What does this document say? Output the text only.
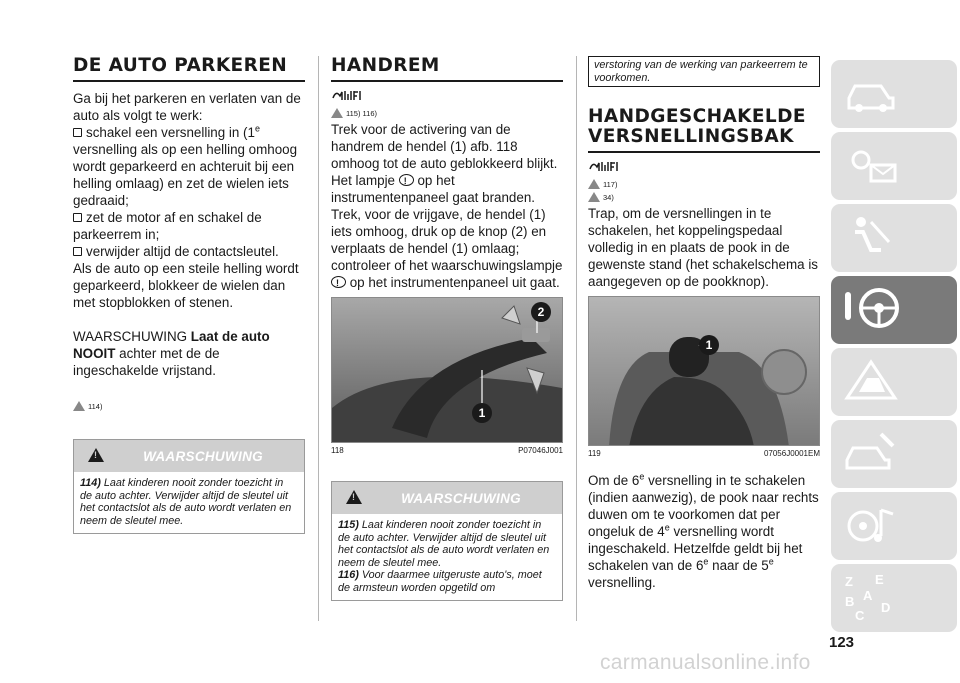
DE AUTO PARKEREN

Ga bij het parkeren en verlaten van de auto als volgt te werk:

schakel een versnelling in (1e versnelling als op een helling omhoog wordt geparkeerd en achteruit bij een helling omlaag) en zet de wielen iets gedraaid;

zet de motor af en schakel de parkeerrem in;

verwijder altijd de contactsleutel.

Als de auto op een steile helling wordt geparkeerd, blokkeer de wielen dan met stopblokken of stenen.

WAARSCHUWING Laat de auto NOOIT achter met de de ingeschakelde vrijstand.

114)
!
WAARSCHUWING
114) Laat kinderen nooit zonder toezicht in de auto achter. Verwijder altijd de sleutel uit het contactslot als de auto wordt verlaten en neem de sleutel mee.
HANDREM
115) 116)

Trek voor de activering van de handrem de hendel (1) afb. 118 omhoog tot de auto geblokkeerd blijkt. Het lampje ! op het instrumentenpaneel gaat branden.

Trek, voor de vrijgave, de hendel (1) iets omhoog, druk op de knop (2) en verplaats de hendel (1) omlaag; controleer of het waarschuwingslampje ! op het instrumentenpaneel uit gaat.

1
2
118	P07046J001
!
WAARSCHUWING
115) Laat kinderen nooit zonder toezicht in de auto achter. Verwijder altijd de sleutel uit het contactslot als de auto wordt verlaten en neem de sleutel mee.
116) Voor daarmee uitgeruste auto's, moet de armsteun worden opgetild om
verstoring van de werking van parkeerrem te voorkomen.
HANDGESCHAKELDE
VERSNELLINGSBAK
117)
34)

Trap, om de versnellingen in te schakelen, het koppelingspedaal volledig in en plaats de pook in de gewenste stand (het schakelschema is aangegeven op de pookknop).

1
119	07056J0001EM

Om de 6e versnelling in te schakelen (indien aanwezig), de pook naar rechts duwen om te voorkomen dat per ongeluk de 4e versnelling wordt ingeschakeld. Hetzelfde geldt bij het schakelen van de 6e naar de 5e versnelling.	Z E
B A
C
D
123
carmanualsonline.info
